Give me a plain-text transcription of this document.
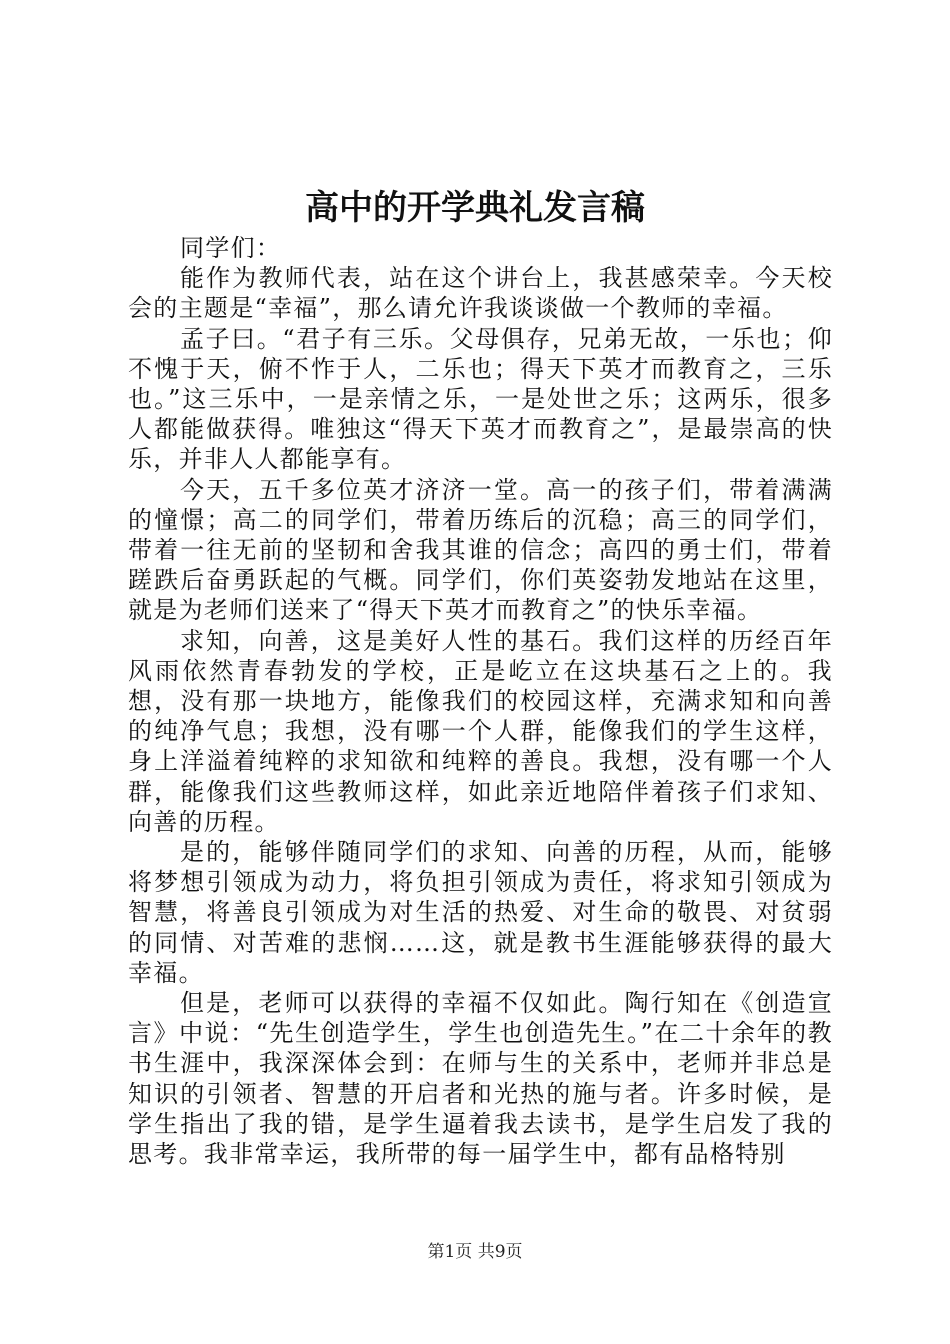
高中的开学典礼发言稿

同学们：

能作为教师代表，站在这个讲台上，我甚感荣幸。今天校会的主题是“幸福”，那么请允许我谈谈做一个教师的幸福。

孟子曰。“君子有三乐。父母俱存，兄弟无故，一乐也；仰不愧于天，俯不怍于人，二乐也；得天下英才而教育之，三乐也。”这三乐中，一是亲情之乐，一是处世之乐；这两乐，很多人都能做获得。唯独这“得天下英才而教育之”，是最崇高的快乐，并非人人都能享有。

今天，五千多位英才济济一堂。高一的孩子们，带着满满的憧憬；高二的同学们，带着历练后的沉稳；高三的同学们，带着一往无前的坚韧和舍我其谁的信念；高四的勇士们，带着蹉跌后奋勇跃起的气概。同学们，你们英姿勃发地站在这里，就是为老师们送来了“得天下英才而教育之”的快乐幸福。

求知，向善，这是美好人性的基石。我们这样的历经百年风雨依然青春勃发的学校，正是屹立在这块基石之上的。我想，没有那一块地方，能像我们的校园这样，充满求知和向善的纯净气息；我想，没有哪一个人群，能像我们的学生这样，身上洋溢着纯粹的求知欲和纯粹的善良。我想，没有哪一个人群，能像我们这些教师这样，如此亲近地陪伴着孩子们求知、向善的历程。

是的，能够伴随同学们的求知、向善的历程，从而，能够将梦想引领成为动力，将负担引领成为责任，将求知引领成为智慧，将善良引领成为对生活的热爱、对生命的敬畏、对贫弱的同情、对苦难的悲悯……这，就是教书生涯能够获得的最大幸福。

但是，老师可以获得的幸福不仅如此。陶行知在《创造宣言》中说：“先生创造学生，学生也创造先生。”在二十余年的教书生涯中，我深深体会到：在师与生的关系中，老师并非总是知识的引领者、智慧的开启者和光热的施与者。许多时候，是学生指出了我的错，是学生逼着我去读书，是学生启发了我的思考。我非常幸运，我所带的每一届学生中，都有品格特别

第1页 共9页
